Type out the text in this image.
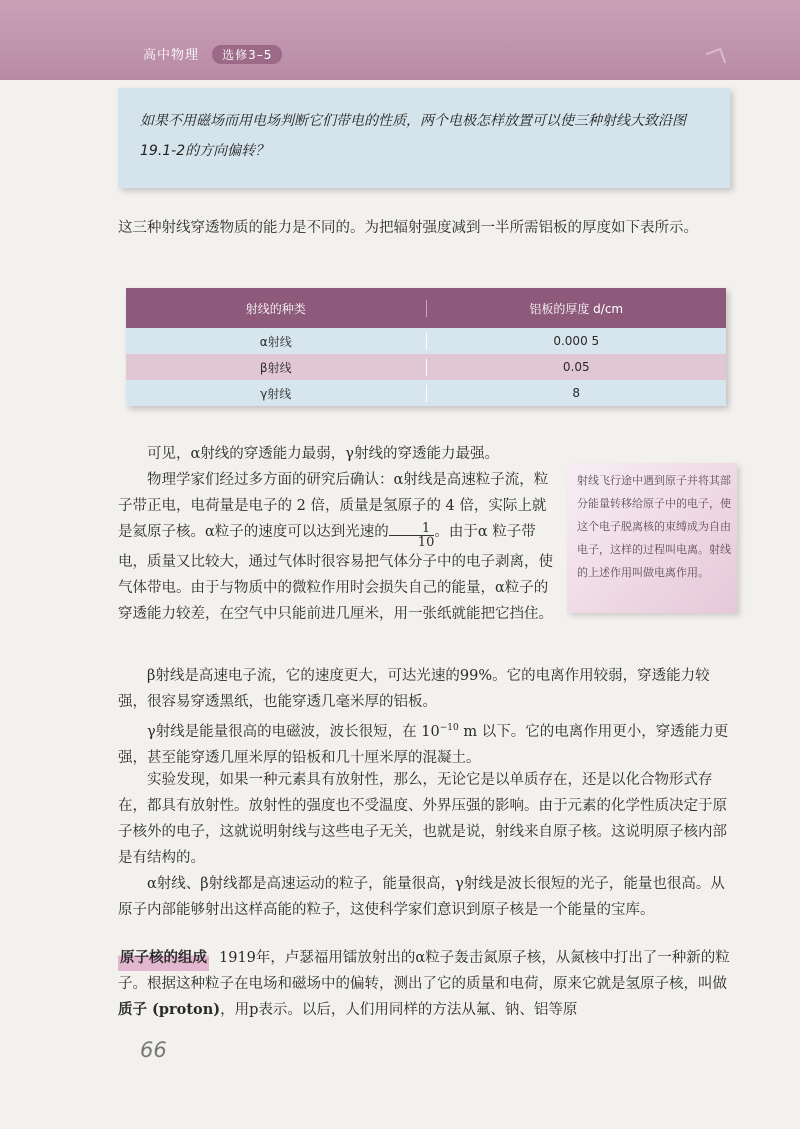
高中物理 选修3–5

如果不用磁场而用电场判断它们带电的性质，两个电极怎样放置可以使三种射线大致沿图19.1-2的方向偏转？

这三种射线穿透物质的能力是不同的。为把辐射强度减到一半所需铝板的厚度如下表所示。

射线的种类	铝板的厚度 d/cm
α射线	0.000 5
β射线	0.05
γ射线	8

可见，α射线的穿透能力最弱，γ射线的穿透能力最强。

物理学家们经过多方面的研究后确认：α射线是高速粒子流，粒子带正电，电荷量是电子的 2 倍，质量是氢原子的 4 倍，实际上就是氦原子核。α粒子的速度可以达到光速的 $\frac{1}{10}$ 。由于α 粒子带电，质量又比较大，通过气体时很容易把气体分子中的电子剥离，使气体带电。由于与物质中的微粒作用时会损失自己的能量，α粒子的穿透能力较差，在空气中只能前进几厘米，用一张纸就能把它挡住。

射线飞行途中遇到原子并将其部分能量转移给原子中的电子，使这个电子脱离核的束缚成为自由电子，这样的过程叫电离。射线的上述作用叫做电离作用。

β射线是高速电子流，它的速度更大，可达光速的99%。它的电离作用较弱，穿透能力较强，很容易穿透黑纸，也能穿透几毫米厚的铝板。

γ射线是能量很高的电磁波，波长很短，在 $10^{-10}$ m 以下。它的电离作用更小，穿透能力更强，甚至能穿透几厘米厚的铅板和几十厘米厚的混凝土。

实验发现，如果一种元素具有放射性，那么，无论它是以单质存在，还是以化合物形式存在，都具有放射性。放射性的强度也不受温度、外界压强的影响。由于元素的化学性质决定于原子核外的电子，这就说明射线与这些电子无关，也就是说，射线来自原子核。这说明原子核内部是有结构的。

α射线、β射线都是高速运动的粒子，能量很高，γ射线是波长很短的光子，能量也很高。从原子内部能够射出这样高能的粒子，这使科学家们意识到原子核是一个能量的宝库。

原子核的组成 1919年，卢瑟福用镭放射出的α粒子轰击氮原子核，从氮核中打出了一种新的粒子。根据这种粒子在电场和磁场中的偏转，测出了它的质量和电荷，原来它就是氢原子核，叫做质子 (proton)，用p表示。以后，人们用同样的方法从氟、钠、铝等原

66
